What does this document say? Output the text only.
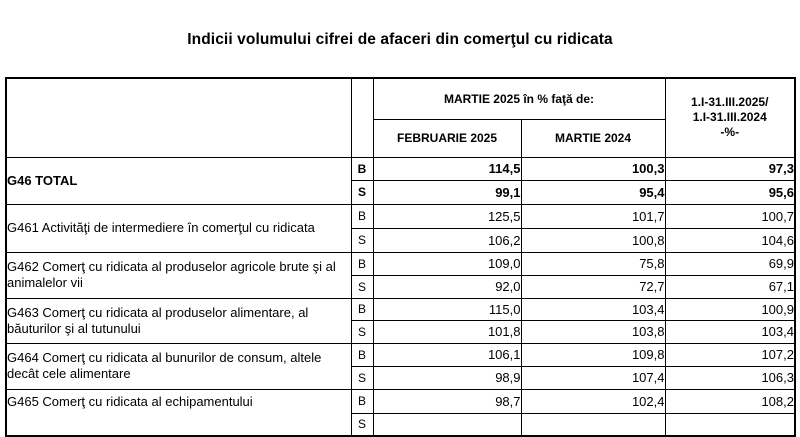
Indicii volumului cifrei de afaceri din comerţul cu ridicata
		MARTIE 2025 în % faţă de:		1.I-31.III.2025/
1.I-31.III.2024
-%-

		FEBRUARIE 2025	MARTIE 2024	
G46 TOTAL	B	114,5	100,3	97,3
	S	99,1	95,4	95,6
G461 Activităţi de intermediere în comerţul cu ridicata	B	125,5	101,7	100,7
	S	106,2	100,8	104,6
G462 Comerţ cu ridicata al produselor agricole brute şi al animalelor vii	B	109,0	75,8	69,9
	S	92,0	72,7	67,1
G463 Comerţ cu ridicata al produselor alimentare, al băuturilor şi al tutunului	B	115,0	103,4	100,9
	S	101,8	103,8	103,4
G464 Comerţ cu ridicata al bunurilor de consum, altele decât cele alimentare	B	106,1	109,8	107,2
	S	98,9	107,4	106,3
G465 Comerţ cu ridicata al echipamentului	B	98,7	102,4	108,2
	S			
